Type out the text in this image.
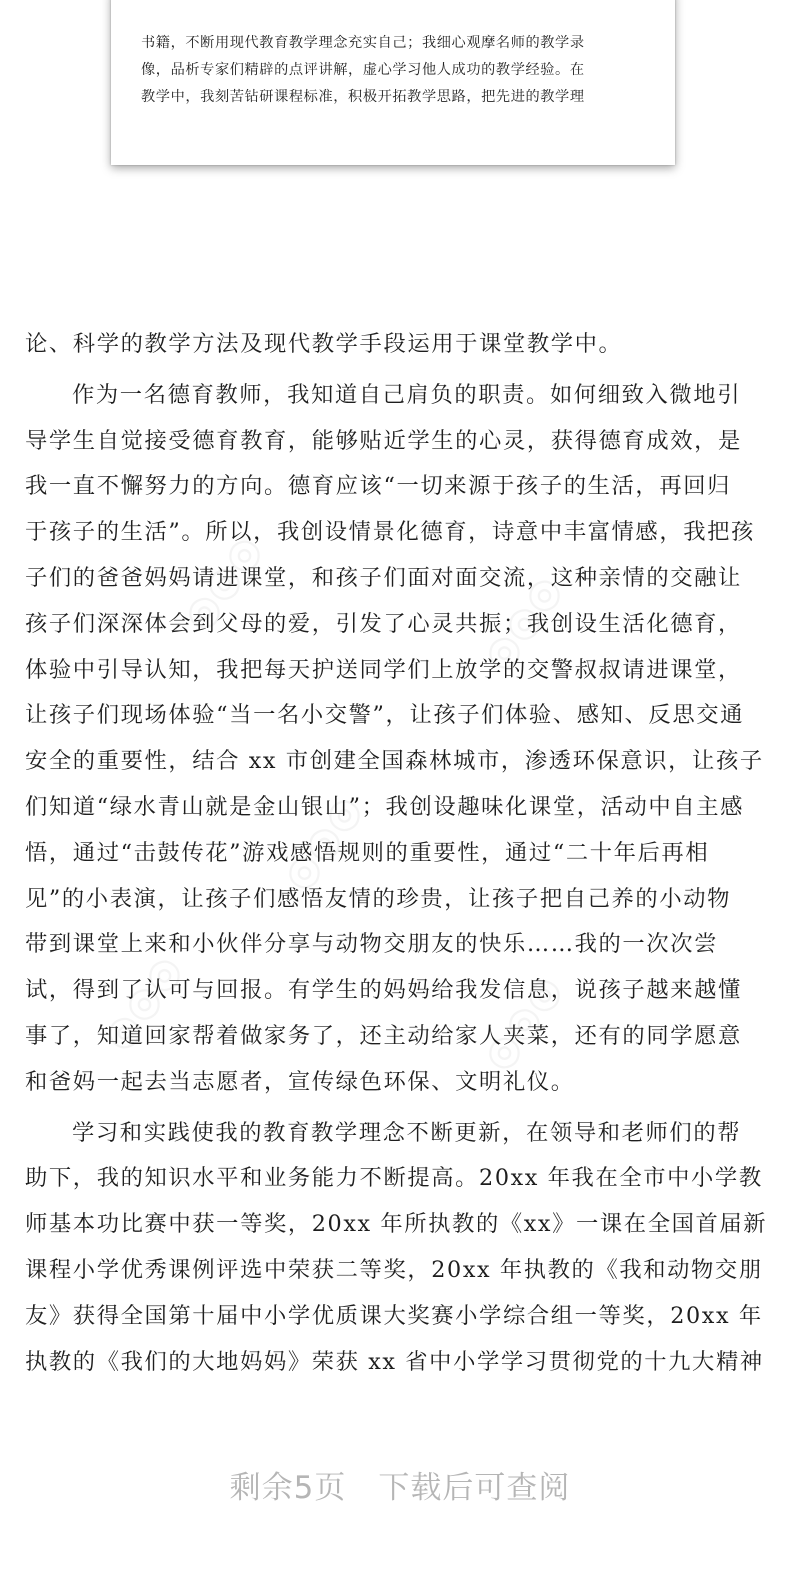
书籍，不断用现代教育教学理念充实自己；我细心观摩名师的教学录
像，品析专家们精辟的点评讲解，虚心学习他人成功的教学经验。在
教学中，我刻苦钻研课程标准，积极开拓教学思路，把先进的教学理
论、科学的教学方法及现代教学手段运用于课堂教学中。
作为一名德育教师，我知道自己肩负的职责。如何细致入微地引
导学生自觉接受德育教育，能够贴近学生的心灵，获得德育成效，是
我一直不懈努力的方向。德育应该“一切来源于孩子的生活，再回归
于孩子的生活”。所以，我创设情景化德育，诗意中丰富情感，我把孩
子们的爸爸妈妈请进课堂，和孩子们面对面交流，这种亲情的交融让
孩子们深深体会到父母的爱，引发了心灵共振；我创设生活化德育，
体验中引导认知，我把每天护送同学们上放学的交警叔叔请进课堂，
让孩子们现场体验“当一名小交警”，让孩子们体验、感知、反思交通
安全的重要性，结合 xx 市创建全国森林城市，渗透环保意识，让孩子
们知道“绿水青山就是金山银山”；我创设趣味化课堂，活动中自主感
悟，通过“击鼓传花”游戏感悟规则的重要性，通过“二十年后再相
见”的小表演，让孩子们感悟友情的珍贵，让孩子把自己养的小动物
带到课堂上来和小伙伴分享与动物交朋友的快乐……我的一次次尝
试，得到了认可与回报。有学生的妈妈给我发信息，说孩子越来越懂
事了，知道回家帮着做家务了，还主动给家人夹菜，还有的同学愿意
和爸妈一起去当志愿者，宣传绿色环保、文明礼仪。
学习和实践使我的教育教学理念不断更新，在领导和老师们的帮
助下，我的知识水平和业务能力不断提高。20xx 年我在全市中小学教
师基本功比赛中获一等奖，20xx 年所执教的《xx》一课在全国首届新
课程小学优秀课例评选中荣获二等奖，20xx 年执教的《我和动物交朋
友》获得全国第十届中小学优质课大奖赛小学综合组一等奖，20xx 年
执教的《我们的大地妈妈》荣获 xx 省中小学学习贯彻党的十九大精神
剩余5页 下载后可查阅
